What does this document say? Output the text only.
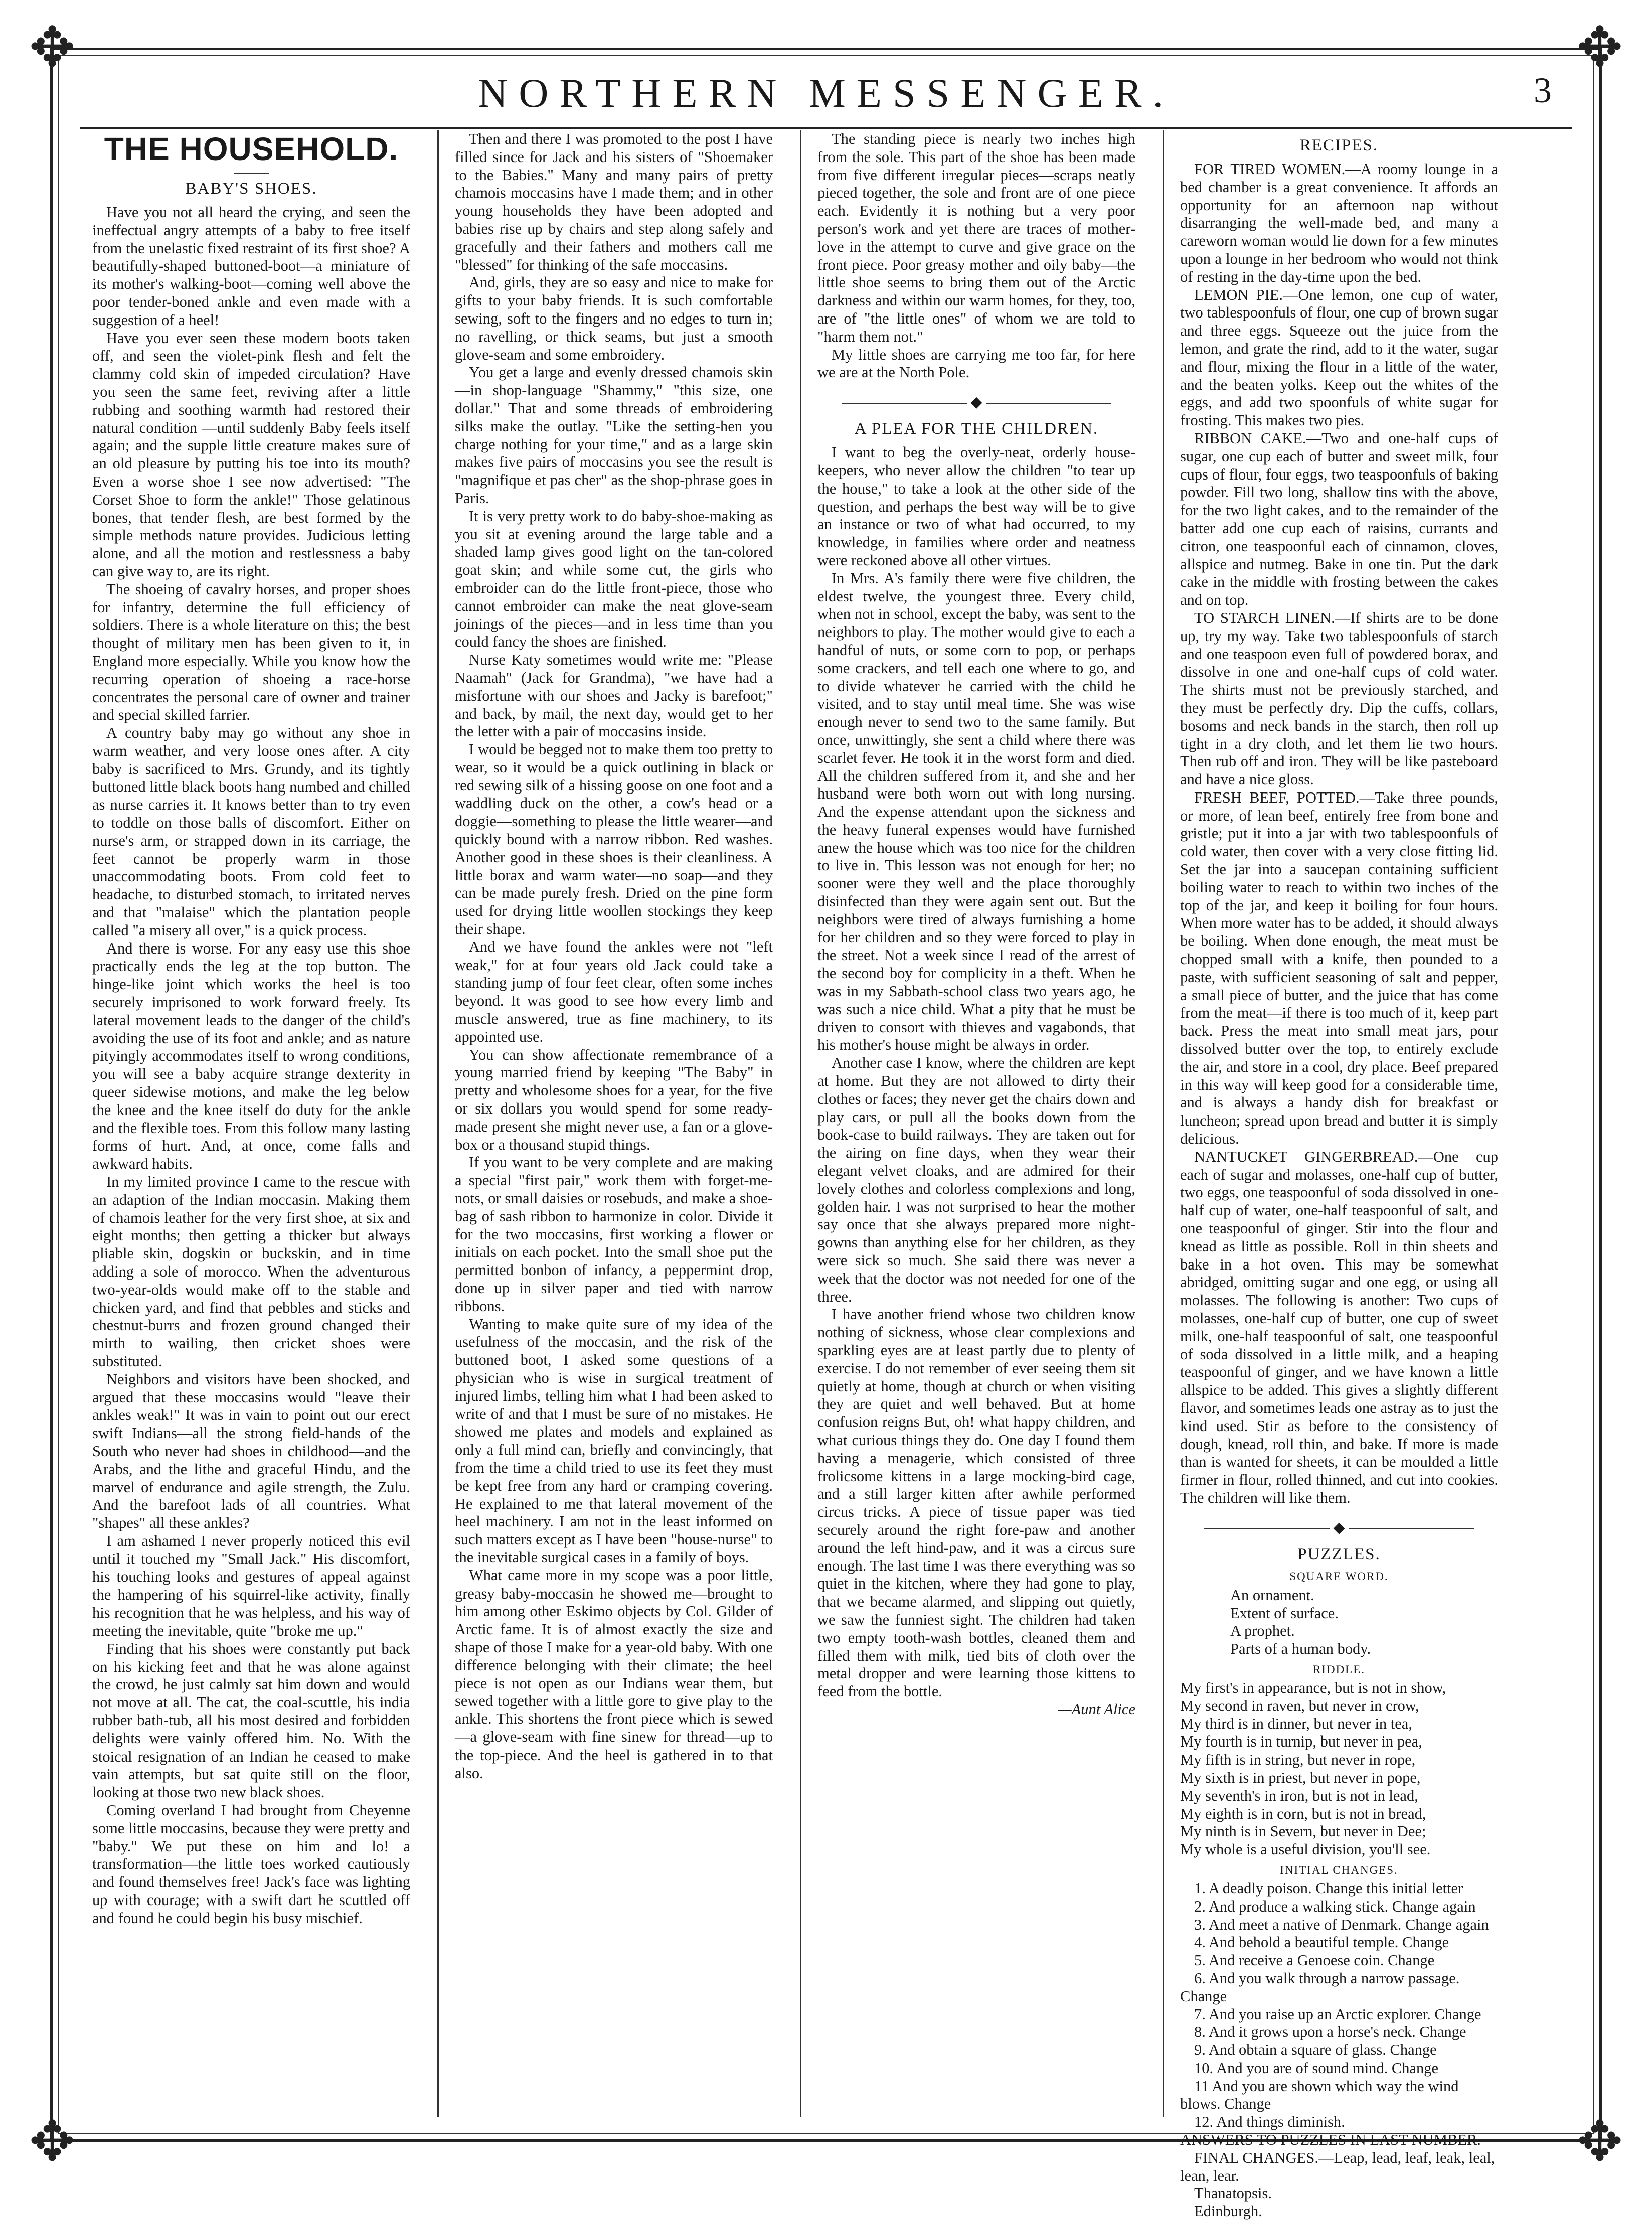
✥	✥
✥	✥
NORTHERN MESSENGER.	3
THE HOUSEHOLD.
BABY'S SHOES.

Have you not all heard the crying, and seen the ineffectual angry attempts of a baby to free itself from the unelastic fixed restraint of its first shoe? A beautifully-shaped buttoned-boot—a miniature of its mother's walking-boot—coming well above the poor tender-boned ankle and even made with a suggestion of a heel!

Have you ever seen these modern boots taken off, and seen the violet-pink flesh and felt the clammy cold skin of impeded circulation? Have you seen the same feet, reviving after a little rubbing and soothing warmth had restored their natural condition —until suddenly Baby feels itself again; and the supple little creature makes sure of an old pleasure by putting his toe into its mouth? Even a worse shoe I see now advertised: "The Corset Shoe to form the ankle!" Those gelatinous bones, that tender flesh, are best formed by the simple methods nature provides. Judicious letting alone, and all the motion and restlessness a baby can give way to, are its right.

The shoeing of cavalry horses, and proper shoes for infantry, determine the full efficiency of soldiers. There is a whole literature on this; the best thought of military men has been given to it, in England more especially. While you know how the recurring operation of shoeing a race-horse concentrates the personal care of owner and trainer and special skilled farrier.

A country baby may go without any shoe in warm weather, and very loose ones after. A city baby is sacrificed to Mrs. Grundy, and its tightly buttoned little black boots hang numbed and chilled as nurse carries it. It knows better than to try even to toddle on those balls of discomfort. Either on nurse's arm, or strapped down in its carriage, the feet cannot be properly warm in those unaccommodating boots. From cold feet to headache, to disturbed stomach, to irritated nerves and that "malaise" which the plantation people called "a misery all over," is a quick process.

And there is worse. For any easy use this shoe practically ends the leg at the top button. The hinge-like joint which works the heel is too securely imprisoned to work forward freely. Its lateral movement leads to the danger of the child's avoiding the use of its foot and ankle; and as nature pityingly accommodates itself to wrong conditions, you will see a baby acquire strange dexterity in queer sidewise motions, and make the leg below the knee and the knee itself do duty for the ankle and the flexible toes. From this follow many lasting forms of hurt. And, at once, come falls and awkward habits.

In my limited province I came to the rescue with an adaption of the Indian moccasin. Making them of chamois leather for the very first shoe, at six and eight months; then getting a thicker but always pliable skin, dogskin or buckskin, and in time adding a sole of morocco. When the adventurous two-year-olds would make off to the stable and chicken yard, and find that pebbles and sticks and chestnut-burrs and frozen ground changed their mirth to wailing, then cricket shoes were substituted.

Neighbors and visitors have been shocked, and argued that these moccasins would "leave their ankles weak!" It was in vain to point out our erect swift Indians—all the strong field-hands of the South who never had shoes in childhood—and the Arabs, and the lithe and graceful Hindu, and the marvel of endurance and agile strength, the Zulu. And the barefoot lads of all countries. What "shapes" all these ankles?

I am ashamed I never properly noticed this evil until it touched my "Small Jack." His discomfort, his touching looks and gestures of appeal against the hampering of his squirrel-like activity, finally his recognition that he was helpless, and his way of meeting the inevitable, quite "broke me up."

Finding that his shoes were constantly put back on his kicking feet and that he was alone against the crowd, he just calmly sat him down and would not move at all. The cat, the coal-scuttle, his india rubber bath-tub, all his most desired and forbidden delights were vainly offered him. No. With the stoical resignation of an Indian he ceased to make vain attempts, but sat quite still on the floor, looking at those two new black shoes.

Coming overland I had brought from Cheyenne some little moccasins, because they were pretty and "baby." We put these on him and lo! a transformation—the little toes worked cautiously and found themselves free! Jack's face was lighting up with courage; with a swift dart he scuttled off and found he could begin his busy mischief.

Then and there I was promoted to the post I have filled since for Jack and his sisters of "Shoemaker to the Babies." Many and many pairs of pretty chamois moccasins have I made them; and in other young households they have been adopted and babies rise up by chairs and step along safely and gracefully and their fathers and mothers call me "blessed" for thinking of the safe moccasins.

And, girls, they are so easy and nice to make for gifts to your baby friends. It is such comfortable sewing, soft to the fingers and no edges to turn in; no ravelling, or thick seams, but just a smooth glove-seam and some embroidery.

You get a large and evenly dressed chamois skin—in shop-language "Shammy," "this size, one dollar." That and some threads of embroidering silks make the outlay. "Like the setting-hen you charge nothing for your time," and as a large skin makes five pairs of moccasins you see the result is "magnifique et pas cher" as the shop-phrase goes in Paris.

It is very pretty work to do baby-shoe-making as you sit at evening around the large table and a shaded lamp gives good light on the tan-colored goat skin; and while some cut, the girls who embroider can do the little front-piece, those who cannot embroider can make the neat glove-seam joinings of the pieces—and in less time than you could fancy the shoes are finished.

Nurse Katy sometimes would write me: "Please Naamah" (Jack for Grandma), "we have had a misfortune with our shoes and Jacky is barefoot;" and back, by mail, the next day, would get to her the letter with a pair of moccasins inside.

I would be begged not to make them too pretty to wear, so it would be a quick outlining in black or red sewing silk of a hissing goose on one foot and a waddling duck on the other, a cow's head or a doggie—something to please the little wearer—and quickly bound with a narrow ribbon. Red washes. Another good in these shoes is their cleanliness. A little borax and warm water—no soap—and they can be made purely fresh. Dried on the pine form used for drying little woollen stockings they keep their shape.

And we have found the ankles were not "left weak," for at four years old Jack could take a standing jump of four feet clear, often some inches beyond. It was good to see how every limb and muscle answered, true as fine machinery, to its appointed use.

You can show affectionate remembrance of a young married friend by keeping "The Baby" in pretty and wholesome shoes for a year, for the five or six dollars you would spend for some ready-made present she might never use, a fan or a glove-box or a thousand stupid things.

If you want to be very complete and are making a special "first pair," work them with forget-me-nots, or small daisies or rosebuds, and make a shoe-bag of sash ribbon to harmonize in color. Divide it for the two moccasins, first working a flower or initials on each pocket. Into the small shoe put the permitted bonbon of infancy, a peppermint drop, done up in silver paper and tied with narrow ribbons.

Wanting to make quite sure of my idea of the usefulness of the moccasin, and the risk of the buttoned boot, I asked some questions of a physician who is wise in surgical treatment of injured limbs, telling him what I had been asked to write of and that I must be sure of no mistakes. He showed me plates and models and explained as only a full mind can, briefly and convincingly, that from the time a child tried to use its feet they must be kept free from any hard or cramping covering. He explained to me that lateral movement of the heel machinery. I am not in the least informed on such matters except as I have been "house-nurse" to the inevitable surgical cases in a family of boys.

What came more in my scope was a poor little, greasy baby-moccasin he showed me—brought to him among other Eskimo objects by Col. Gilder of Arctic fame. It is of almost exactly the size and shape of those I make for a year-old baby. With one difference belonging with their climate; the heel piece is not open as our Indians wear them, but sewed together with a little gore to give play to the ankle. This shortens the front piece which is sewed—a glove-seam with fine sinew for thread—up to the top-piece. And the heel is gathered in to that also.

The standing piece is nearly two inches high from the sole. This part of the shoe has been made from five different irregular pieces—scraps neatly pieced together, the sole and front are of one piece each. Evidently it is nothing but a very poor person's work and yet there are traces of mother-love in the attempt to curve and give grace on the front piece. Poor greasy mother and oily baby—the little shoe seems to bring them out of the Arctic darkness and within our warm homes, for they, too, are of "the little ones" of whom we are told to "harm them not."

My little shoes are carrying me too far, for here we are at the North Pole.

◆
A PLEA FOR THE CHILDREN.

I want to beg the overly-neat, orderly house-keepers, who never allow the children "to tear up the house," to take a look at the other side of the question, and perhaps the best way will be to give an instance or two of what had occurred, to my knowledge, in families where order and neatness were reckoned above all other virtues.

In Mrs. A's family there were five children, the eldest twelve, the youngest three. Every child, when not in school, except the baby, was sent to the neighbors to play. The mother would give to each a handful of nuts, or some corn to pop, or perhaps some crackers, and tell each one where to go, and to divide whatever he carried with the child he visited, and to stay until meal time. She was wise enough never to send two to the same family. But once, unwittingly, she sent a child where there was scarlet fever. He took it in the worst form and died. All the children suffered from it, and she and her husband were both worn out with long nursing. And the expense attendant upon the sickness and the heavy funeral expenses would have furnished anew the house which was too nice for the children to live in. This lesson was not enough for her; no sooner were they well and the place thoroughly disinfected than they were again sent out. But the neighbors were tired of always furnishing a home for her children and so they were forced to play in the street. Not a week since I read of the arrest of the second boy for complicity in a theft. When he was in my Sabbath-school class two years ago, he was such a nice child. What a pity that he must be driven to consort with thieves and vagabonds, that his mother's house might be always in order.

Another case I know, where the children are kept at home. But they are not allowed to dirty their clothes or faces; they never get the chairs down and play cars, or pull all the books down from the book-case to build railways. They are taken out for the airing on fine days, when they wear their elegant velvet cloaks, and are admired for their lovely clothes and colorless complexions and long, golden hair. I was not surprised to hear the mother say once that she always prepared more night-gowns than anything else for her children, as they were sick so much. She said there was never a week that the doctor was not needed for one of the three.

I have another friend whose two children know nothing of sickness, whose clear complexions and sparkling eyes are at least partly due to plenty of exercise. I do not remember of ever seeing them sit quietly at home, though at church or when visiting they are quiet and well behaved. But at home confusion reigns But, oh! what happy children, and what curious things they do. One day I found them having a menagerie, which consisted of three frolicsome kittens in a large mocking-bird cage, and a still larger kitten after awhile performed circus tricks. A piece of tissue paper was tied securely around the right fore-paw and another around the left hind-paw, and it was a circus sure enough. The last time I was there everything was so quiet in the kitchen, where they had gone to play, that we became alarmed, and slipping out quietly, we saw the funniest sight. The children had taken two empty tooth-wash bottles, cleaned them and filled them with milk, tied bits of cloth over the metal dropper and were learning those kittens to feed from the bottle.

—Aunt Alice

RECIPES.

FOR TIRED WOMEN.—A roomy lounge in a bed chamber is a great convenience. It affords an opportunity for an afternoon nap without disarranging the well-made bed, and many a careworn woman would lie down for a few minutes upon a lounge in her bedroom who would not think of resting in the day-time upon the bed.

LEMON PIE.—One lemon, one cup of water, two tablespoonfuls of flour, one cup of brown sugar and three eggs. Squeeze out the juice from the lemon, and grate the rind, add to it the water, sugar and flour, mixing the flour in a little of the water, and the beaten yolks. Keep out the whites of the eggs, and add two spoonfuls of white sugar for frosting. This makes two pies.

RIBBON CAKE.—Two and one-half cups of sugar, one cup each of butter and sweet milk, four cups of flour, four eggs, two teaspoonfuls of baking powder. Fill two long, shallow tins with the above, for the two light cakes, and to the remainder of the batter add one cup each of raisins, currants and citron, one teaspoonful each of cinnamon, cloves, allspice and nutmeg. Bake in one tin. Put the dark cake in the middle with frosting between the cakes and on top.

TO STARCH LINEN.—If shirts are to be done up, try my way. Take two tablespoonfuls of starch and one teaspoon even full of powdered borax, and dissolve in one and one-half cups of cold water. The shirts must not be previously starched, and they must be perfectly dry. Dip the cuffs, collars, bosoms and neck bands in the starch, then roll up tight in a dry cloth, and let them lie two hours. Then rub off and iron. They will be like pasteboard and have a nice gloss.

FRESH BEEF, POTTED.—Take three pounds, or more, of lean beef, entirely free from bone and gristle; put it into a jar with two tablespoonfuls of cold water, then cover with a very close fitting lid. Set the jar into a saucepan containing sufficient boiling water to reach to within two inches of the top of the jar, and keep it boiling for four hours. When more water has to be added, it should always be boiling. When done enough, the meat must be chopped small with a knife, then pounded to a paste, with sufficient seasoning of salt and pepper, a small piece of butter, and the juice that has come from the meat—if there is too much of it, keep part back. Press the meat into small meat jars, pour dissolved butter over the top, to entirely exclude the air, and store in a cool, dry place. Beef prepared in this way will keep good for a considerable time, and is always a handy dish for breakfast or luncheon; spread upon bread and butter it is simply delicious.

NANTUCKET GINGERBREAD.—One cup each of sugar and molasses, one-half cup of butter, two eggs, one teaspoonful of soda dissolved in one-half cup of water, one-half teaspoonful of salt, and one teaspoonful of ginger. Stir into the flour and knead as little as possible. Roll in thin sheets and bake in a hot oven. This may be somewhat abridged, omitting sugar and one egg, or using all molasses. The following is another: Two cups of molasses, one-half cup of butter, one cup of sweet milk, one-half teaspoonful of salt, one teaspoonful of soda dissolved in a little milk, and a heaping teaspoonful of ginger, and we have known a little allspice to be added. This gives a slightly different flavor, and sometimes leads one astray as to just the kind used. Stir as before to the consistency of dough, knead, roll thin, and bake. If more is made than is wanted for sheets, it can be moulded a little firmer in flour, rolled thinned, and cut into cookies. The children will like them.

◆
PUZZLES.
SQUARE WORD.

An ornament.

Extent of surface.

A prophet.

Parts of a human body.

RIDDLE.

My first's in appearance, but is not in show,

My second in raven, but never in crow,

My third is in dinner, but never in tea,

My fourth is in turnip, but never in pea,

My fifth is in string, but never in rope,

My sixth is in priest, but never in pope,

My seventh's in iron, but is not in lead,

My eighth is in corn, but is not in bread,

My ninth is in Severn, but never in Dee;

My whole is a useful division, you'll see.

INITIAL CHANGES.

1. A deadly poison. Change this initial letter

2. And produce a walking stick. Change again

3. And meet a native of Denmark. Change again

4. And behold a beautiful temple. Change

5. And receive a Genoese coin. Change

6. And you walk through a narrow passage. Change

7. And you raise up an Arctic explorer. Change

8. And it grows upon a horse's neck. Change

9. And obtain a square of glass. Change

10. And you are of sound mind. Change

11 And you are shown which way the wind blows. Change

12. And things diminish.

ANSWERS TO PUZZLES IN LAST NUMBER.

FINAL CHANGES.—Leap, lead, leaf, leak, leal, lean, lear.

Thanatopsis.

Edinburgh.
